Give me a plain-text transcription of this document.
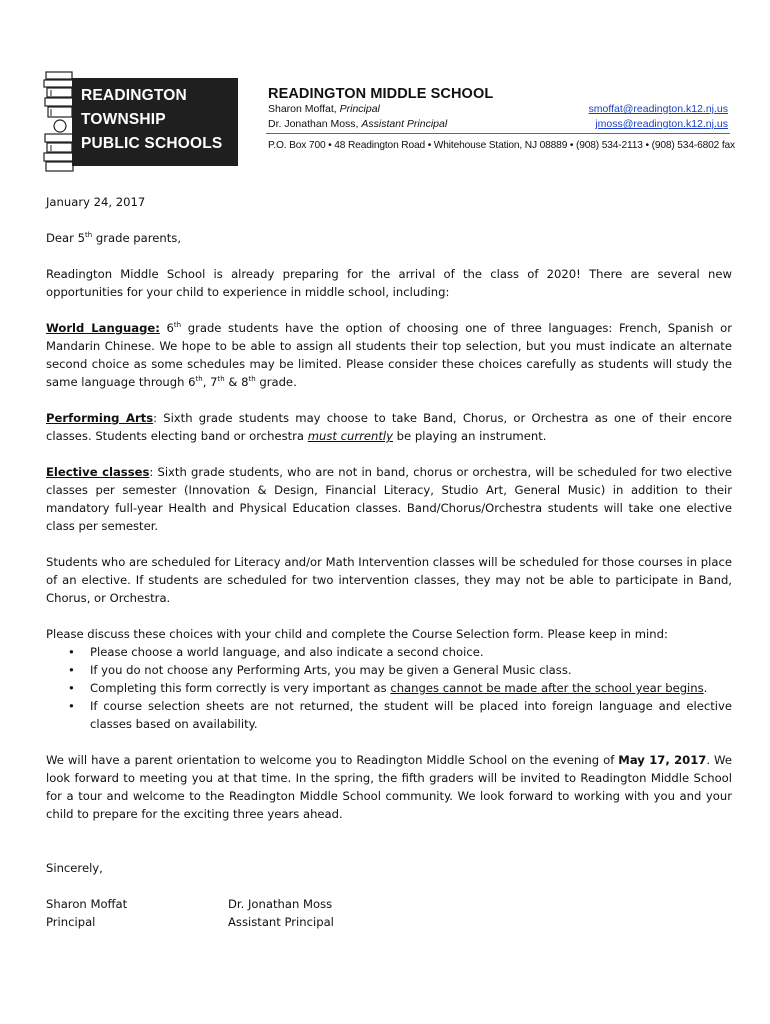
READINGTON
TOWNSHIP
PUBLIC SCHOOLS
READINGTON MIDDLE SCHOOL
Sharon Moffat, Principal
Dr. Jonathan Moss, Assistant Principal
smoffat@readington.k12.nj.us
jmoss@readington.k12.nj.us
P.O. Box 700 • 48 Readington Road • Whitehouse Station, NJ 08889 • (908) 534-2113 • (908) 534-6802 fax
January 24, 2017
Dear 5th grade parents,
Readington Middle School is already preparing for the arrival of the class of 2020! There are several new opportunities for your child to experience in middle school, including:
World Language: 6th grade students have the option of choosing one of three languages: French, Spanish or Mandarin Chinese. We hope to be able to assign all students their top selection, but you must indicate an alternate second choice as some schedules may be limited. Please consider these choices carefully as students will study the same language through 6th, 7th & 8th grade.
Performing Arts: Sixth grade students may choose to take Band, Chorus, or Orchestra as one of their encore classes. Students electing band or orchestra must currently be playing an instrument.
Elective classes: Sixth grade students, who are not in band, chorus or orchestra, will be scheduled for two elective classes per semester (Innovation & Design, Financial Literacy, Studio Art, General Music) in addition to their mandatory full-year Health and Physical Education classes. Band/Chorus/Orchestra students will take one elective class per semester.
Students who are scheduled for Literacy and/or Math Intervention classes will be scheduled for those courses in place of an elective. If students are scheduled for two intervention classes, they may not be able to participate in Band, Chorus, or Orchestra.
Please discuss these choices with your child and complete the Course Selection form. Please keep in mind:
• Please choose a world language, and also indicate a second choice.
• If you do not choose any Performing Arts, you may be given a General Music class.
• Completing this form correctly is very important as changes cannot be made after the school year begins.
• If course selection sheets are not returned, the student will be placed into foreign language and elective classes based on availability.
We will have a parent orientation to welcome you to Readington Middle School on the evening of May 17, 2017. We look forward to meeting you at that time. In the spring, the fifth graders will be invited to Readington Middle School for a tour and welcome to the Readington Middle School community. We look forward to working with you and your child to prepare for the exciting three years ahead.
Sincerely,
Sharon Moffat
Principal
Dr. Jonathan Moss
Assistant Principal
